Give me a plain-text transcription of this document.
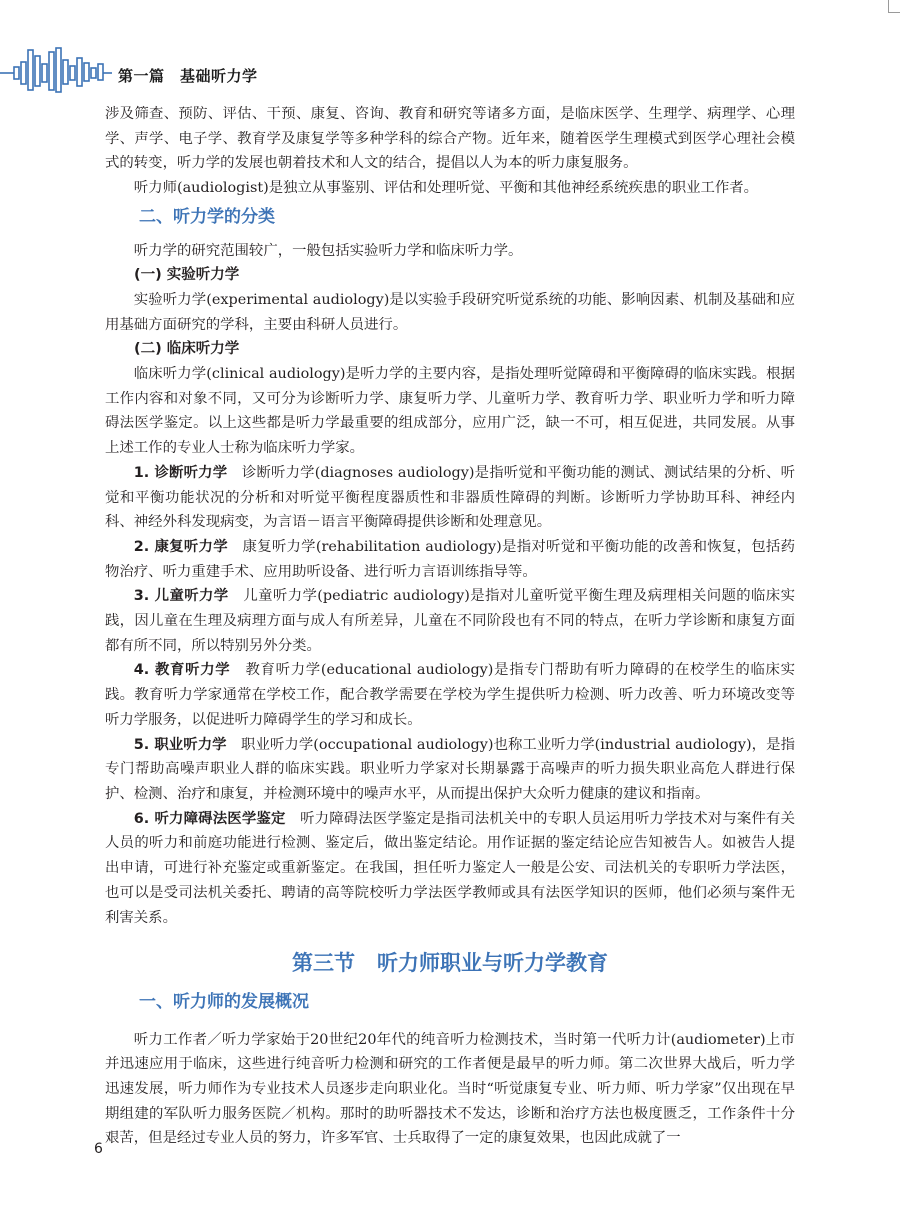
第一篇　基础听力学

涉及筛查、预防、评估、干预、康复、咨询、教育和研究等诸多方面，是临床医学、生理学、病理学、心理学、声学、电子学、教育学及康复学等多种学科的综合产物。近年来，随着医学生理模式到医学心理社会模式的转变，听力学的发展也朝着技术和人文的结合，提倡以人为本的听力康复服务。

听力师(audiologist)是独立从事鉴别、评估和处理听觉、平衡和其他神经系统疾患的职业工作者。

二、听力学的分类

听力学的研究范围较广，一般包括实验听力学和临床听力学。

(一) 实验听力学

实验听力学(experimental audiology)是以实验手段研究听觉系统的功能、影响因素、机制及基础和应用基础方面研究的学科，主要由科研人员进行。

(二) 临床听力学

临床听力学(clinical audiology)是听力学的主要内容，是指处理听觉障碍和平衡障碍的临床实践。根据工作内容和对象不同，又可分为诊断听力学、康复听力学、儿童听力学、教育听力学、职业听力学和听力障碍法医学鉴定。以上这些都是听力学最重要的组成部分，应用广泛，缺一不可，相互促进，共同发展。从事上述工作的专业人士称为临床听力学家。

1. 诊断听力学　 诊断听力学(diagnoses audiology)是指听觉和平衡功能的测试、测试结果的分析、听觉和平衡功能状况的分析和对听觉平衡程度器质性和非器质性障碍的判断。诊断听力学协助耳科、神经内科、神经外科发现病变，为言语－语言平衡障碍提供诊断和处理意见。

2. 康复听力学　 康复听力学(rehabilitation audiology)是指对听觉和平衡功能的改善和恢复，包括药物治疗、听力重建手术、应用助听设备、进行听力言语训练指导等。

3. 儿童听力学　 儿童听力学(pediatric audiology)是指对儿童听觉平衡生理及病理相关问题的临床实践，因儿童在生理及病理方面与成人有所差异，儿童在不同阶段也有不同的特点，在听力学诊断和康复方面都有所不同，所以特别另外分类。

4. 教育听力学　 教育听力学(educational audiology)是指专门帮助有听力障碍的在校学生的临床实践。教育听力学家通常在学校工作，配合教学需要在学校为学生提供听力检测、听力改善、听力环境改变等听力学服务，以促进听力障碍学生的学习和成长。

5. 职业听力学　 职业听力学(occupational audiology)也称工业听力学(industrial audiology)，是指专门帮助高噪声职业人群的临床实践。职业听力学家对长期暴露于高噪声的听力损失职业高危人群进行保护、检测、治疗和康复，并检测环境中的噪声水平，从而提出保护大众听力健康的建议和指南。

6. 听力障碍法医学鉴定　 听力障碍法医学鉴定是指司法机关中的专职人员运用听力学技术对与案件有关人员的听力和前庭功能进行检测、鉴定后，做出鉴定结论。用作证据的鉴定结论应告知被告人。如被告人提出申请，可进行补充鉴定或重新鉴定。在我国，担任听力鉴定人一般是公安、司法机关的专职听力学法医，也可以是受司法机关委托、聘请的高等院校听力学法医学教师或具有法医学知识的医师，他们必须与案件无利害关系。

第三节 听力师职业与听力学教育
一、听力师的发展概况

听力工作者／听力学家始于20世纪20年代的纯音听力检测技术，当时第一代听力计(audiometer)上市并迅速应用于临床，这些进行纯音听力检测和研究的工作者便是最早的听力师。第二次世界大战后，听力学迅速发展，听力师作为专业技术人员逐步走向职业化。当时“听觉康复专业、听力师、听力学家”仅出现在早期组建的军队听力服务医院／机构。那时的助听器技术不发达，诊断和治疗方法也极度匮乏，工作条件十分艰苦，但是经过专业人员的努力，许多军官、士兵取得了一定的康复效果，也因此成就了一

6
